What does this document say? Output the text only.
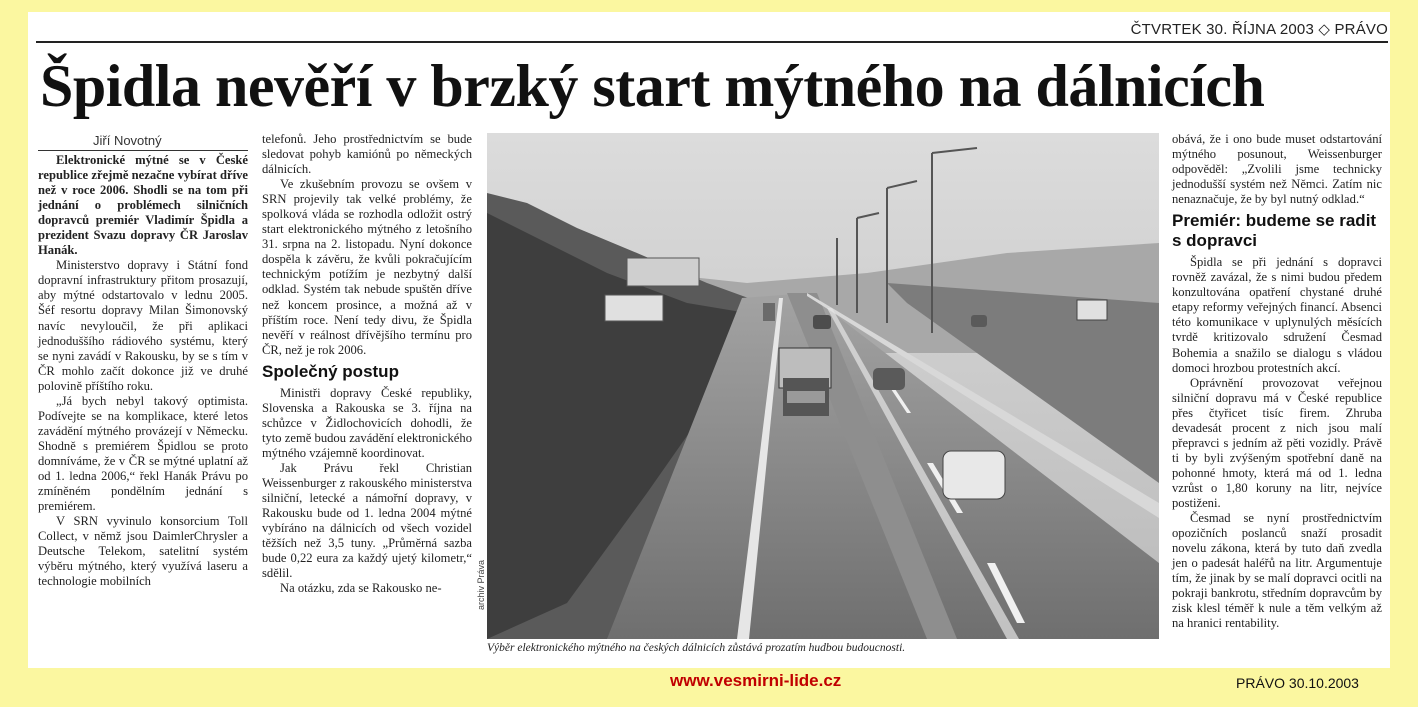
ČTVRTEK 30. ŘÍJNA 2003 ◇ PRÁVO
Špidla nevěří v brzký start mýtného na dálnicích
Jiří Novotný

Elektronické mýtné se v České republice zřejmě nezačne vybírat dříve než v roce 2006. Shodli se na tom při jednání o problémech silničních dopravců premiér Vladimír Špidla a prezident Svazu dopravy ČR Jaroslav Hanák.

Ministerstvo dopravy i Státní fond dopravní infrastruktury přitom prosazují, aby mýtné odstartovalo v lednu 2005. Šéf resortu dopravy Milan Šimonovský navíc nevyloučil, že při aplikaci jednoduššího rádiového systému, který se nyni zavádí v Rakousku, by se s tím v ČR mohlo začít dokonce již ve druhé polovině příštího roku.

„Já bych nebyl takový optimista. Podívejte se na komplikace, které letos zavádění mýtného provázejí v Německu. Shodně s premiérem Špidlou se proto domníváme, že v ČR se mýtné uplatní až od 1. ledna 2006,“ řekl Hanák Právu po zmíněném pondělním jednání s premiérem.

V SRN vyvinulo konsorcium Toll Collect, v němž jsou DaimlerChrysler a Deutsche Telekom, satelitní systém výběru mýtného, který využívá laseru a technologie mobilních

telefonů. Jeho prostřednictvím se bude sledovat pohyb kamiónů po německých dálnicích.

Ve zkušebním provozu se ovšem v SRN projevily tak velké problémy, že spolková vláda se rozhodla odložit ostrý start elektronického mýtného z letošního 31. srpna na 2. listopadu. Nyní dokonce dospěla k závěru, že kvůli pokračujícím technickým potížím je nezbytný další odklad. Systém tak nebude spuštěn dříve než koncem prosince, a možná až v příštím roce. Není tedy divu, že Špidla nevěří v reálnost dřívějšího termínu pro ČR, než je rok 2006.

Společný postup

Ministři dopravy České republiky, Slovenska a Rakouska se 3. října na schůzce v Židlochovicích dohodli, že tyto země budou zavádění elektronického mýtného vzájemně koordinovat.

Jak Právu řekl Christian Weissenburger z rakouského ministerstva silniční, letecké a námořní dopravy, v Rakousku bude od 1. ledna 2004 mýtné vybíráno na dálnicích od všech vozidel těžších než 3,5 tuny. „Průměrná sazba bude 0,22 eura za každý ujetý kilometr,“ sdělil.

Na otázku, zda se Rakousko ne-	archiv Práva
Výběr elektronického mýtného na českých dálnicích zůstává prozatím hudbou budoucnosti.

obává, že i ono bude muset odstartování mýtného posunout, Weissenburger odpověděl: „Zvolili jsme technicky jednodušší systém než Němci. Zatím nic nenaznačuje, že by byl nutný odklad.“

Premiér: budeme se radit s dopravci

Špidla se při jednání s dopravci rovněž zavázal, že s nimi budou předem konzultována opatření chystané druhé etapy reformy veřejných financí. Absenci této komunikace v uplynulých měsících tvrdě kritizovalo sdružení Česmad Bohemia a snažilo se dialogu s vládou domoci hrozbou protestních akcí.

Oprávnění provozovat veřejnou silniční dopravu má v České republice přes čtyřicet tisíc firem. Zhruba devadesát procent z nich jsou malí přepravci s jedním až pěti vozidly. Právě ti by byli zvýšeným spotřební daně na pohonné hmoty, která má od 1. ledna vzrůst o 1,80 koruny na litr, nejvíce postiženi.

Česmad se nyní prostřednictvím opozičních poslanců snaží prosadit novelu zákona, která by tuto daň zvedla jen o padesát haléřů na litr. Argumentuje tím, že jinak by se malí dopravci ocitli na pokraji bankrotu, středním dopravcům by zisk klesl téměř k nule a těm velkým až na hranici rentability.

www.vesmirni-lide.cz	PRÁVO 30.10.2003
